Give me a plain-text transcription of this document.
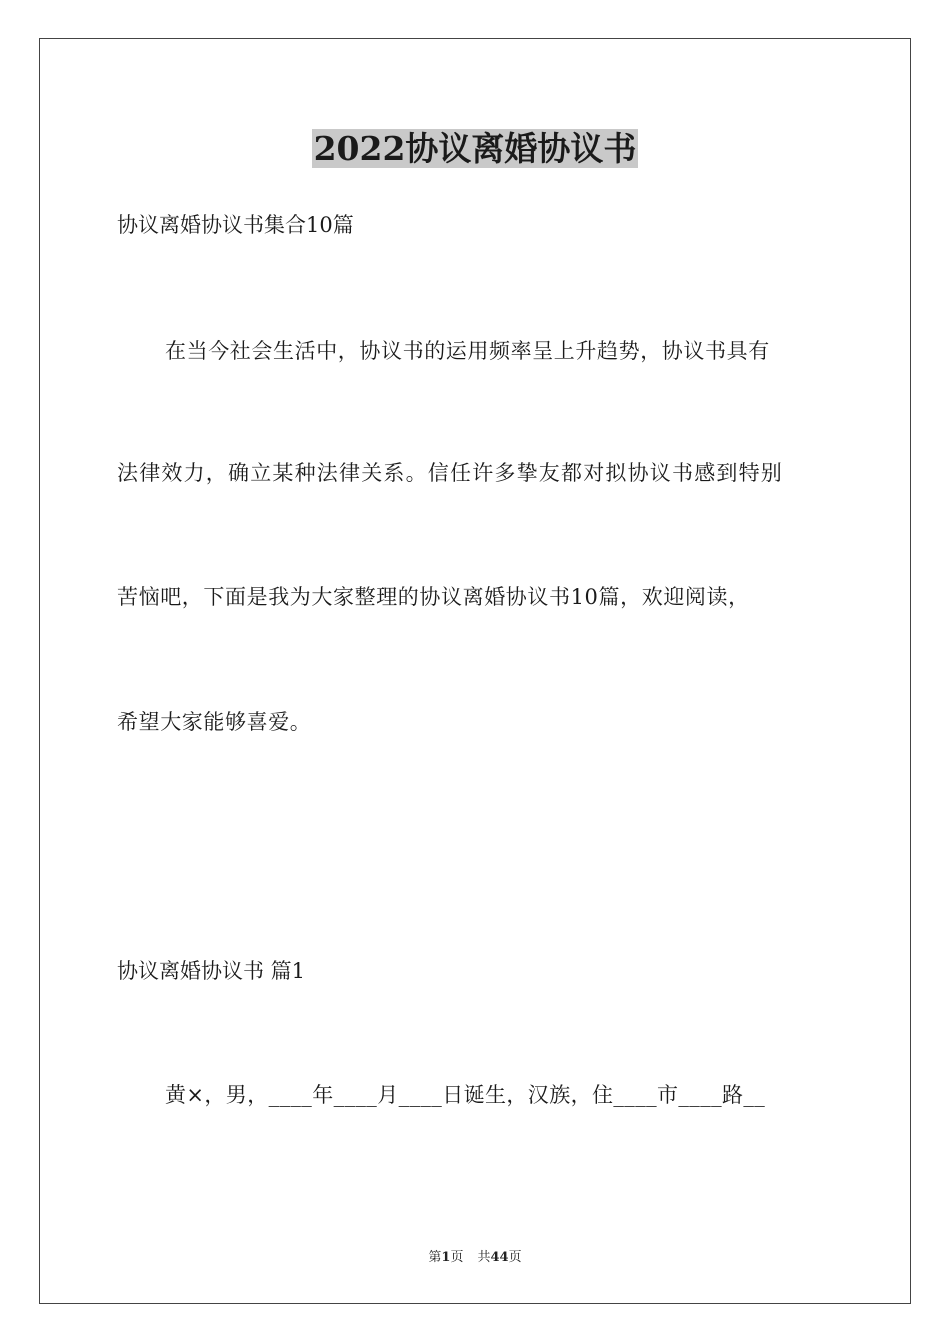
2022协议离婚协议书
协议离婚协议书集合10篇
在当今社会生活中，协议书的运用频率呈上升趋势，协议书具有
法律效力，确立某种法律关系。信任许多挚友都对拟协议书感到特别
苦恼吧，下面是我为大家整理的协议离婚协议书10篇，欢迎阅读，
希望大家能够喜爱。
协议离婚协议书 篇1
黄×，男，____年____月____日诞生，汉族，住____市____路__
第1页 共44页
